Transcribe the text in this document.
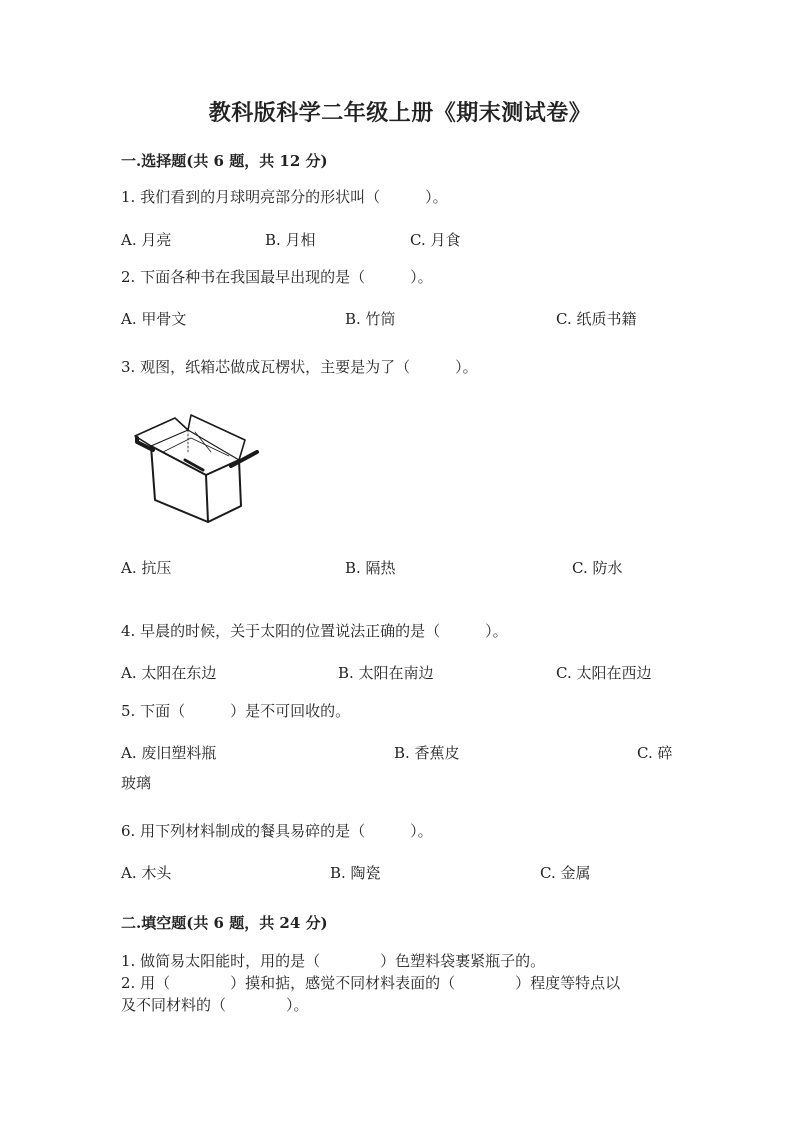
教科版科学二年级上册《期末测试卷》
一.选择题(共 6 题，共 12 分)
1. 我们看到的月球明亮部分的形状叫（　　　）。
A. 月亮	B. 月相	C. 月食
2. 下面各种书在我国最早出现的是（　　　）。
A. 甲骨文	B. 竹筒	C. 纸质书籍
3. 观图，纸箱芯做成瓦楞状，主要是为了（　　　）。
A. 抗压	B. 隔热	C. 防水
4. 早晨的时候，关于太阳的位置说法正确的是（　　　）。
A. 太阳在东边	B. 太阳在南边	C. 太阳在西边
5. 下面（　　　）是不可回收的。
A. 废旧塑料瓶	B. 香蕉皮	C. 碎
玻璃
6. 用下列材料制成的餐具易碎的是（　　　）。
A. 木头	B. 陶瓷	C. 金属
二.填空题(共 6 题，共 24 分)
1. 做简易太阳能时，用的是（　　　　）色塑料袋裹紧瓶子的。
2. 用（　　　　）摸和掂，感觉不同材料表面的（　　　　）程度等特点以
及不同材料的（　　　　）。
